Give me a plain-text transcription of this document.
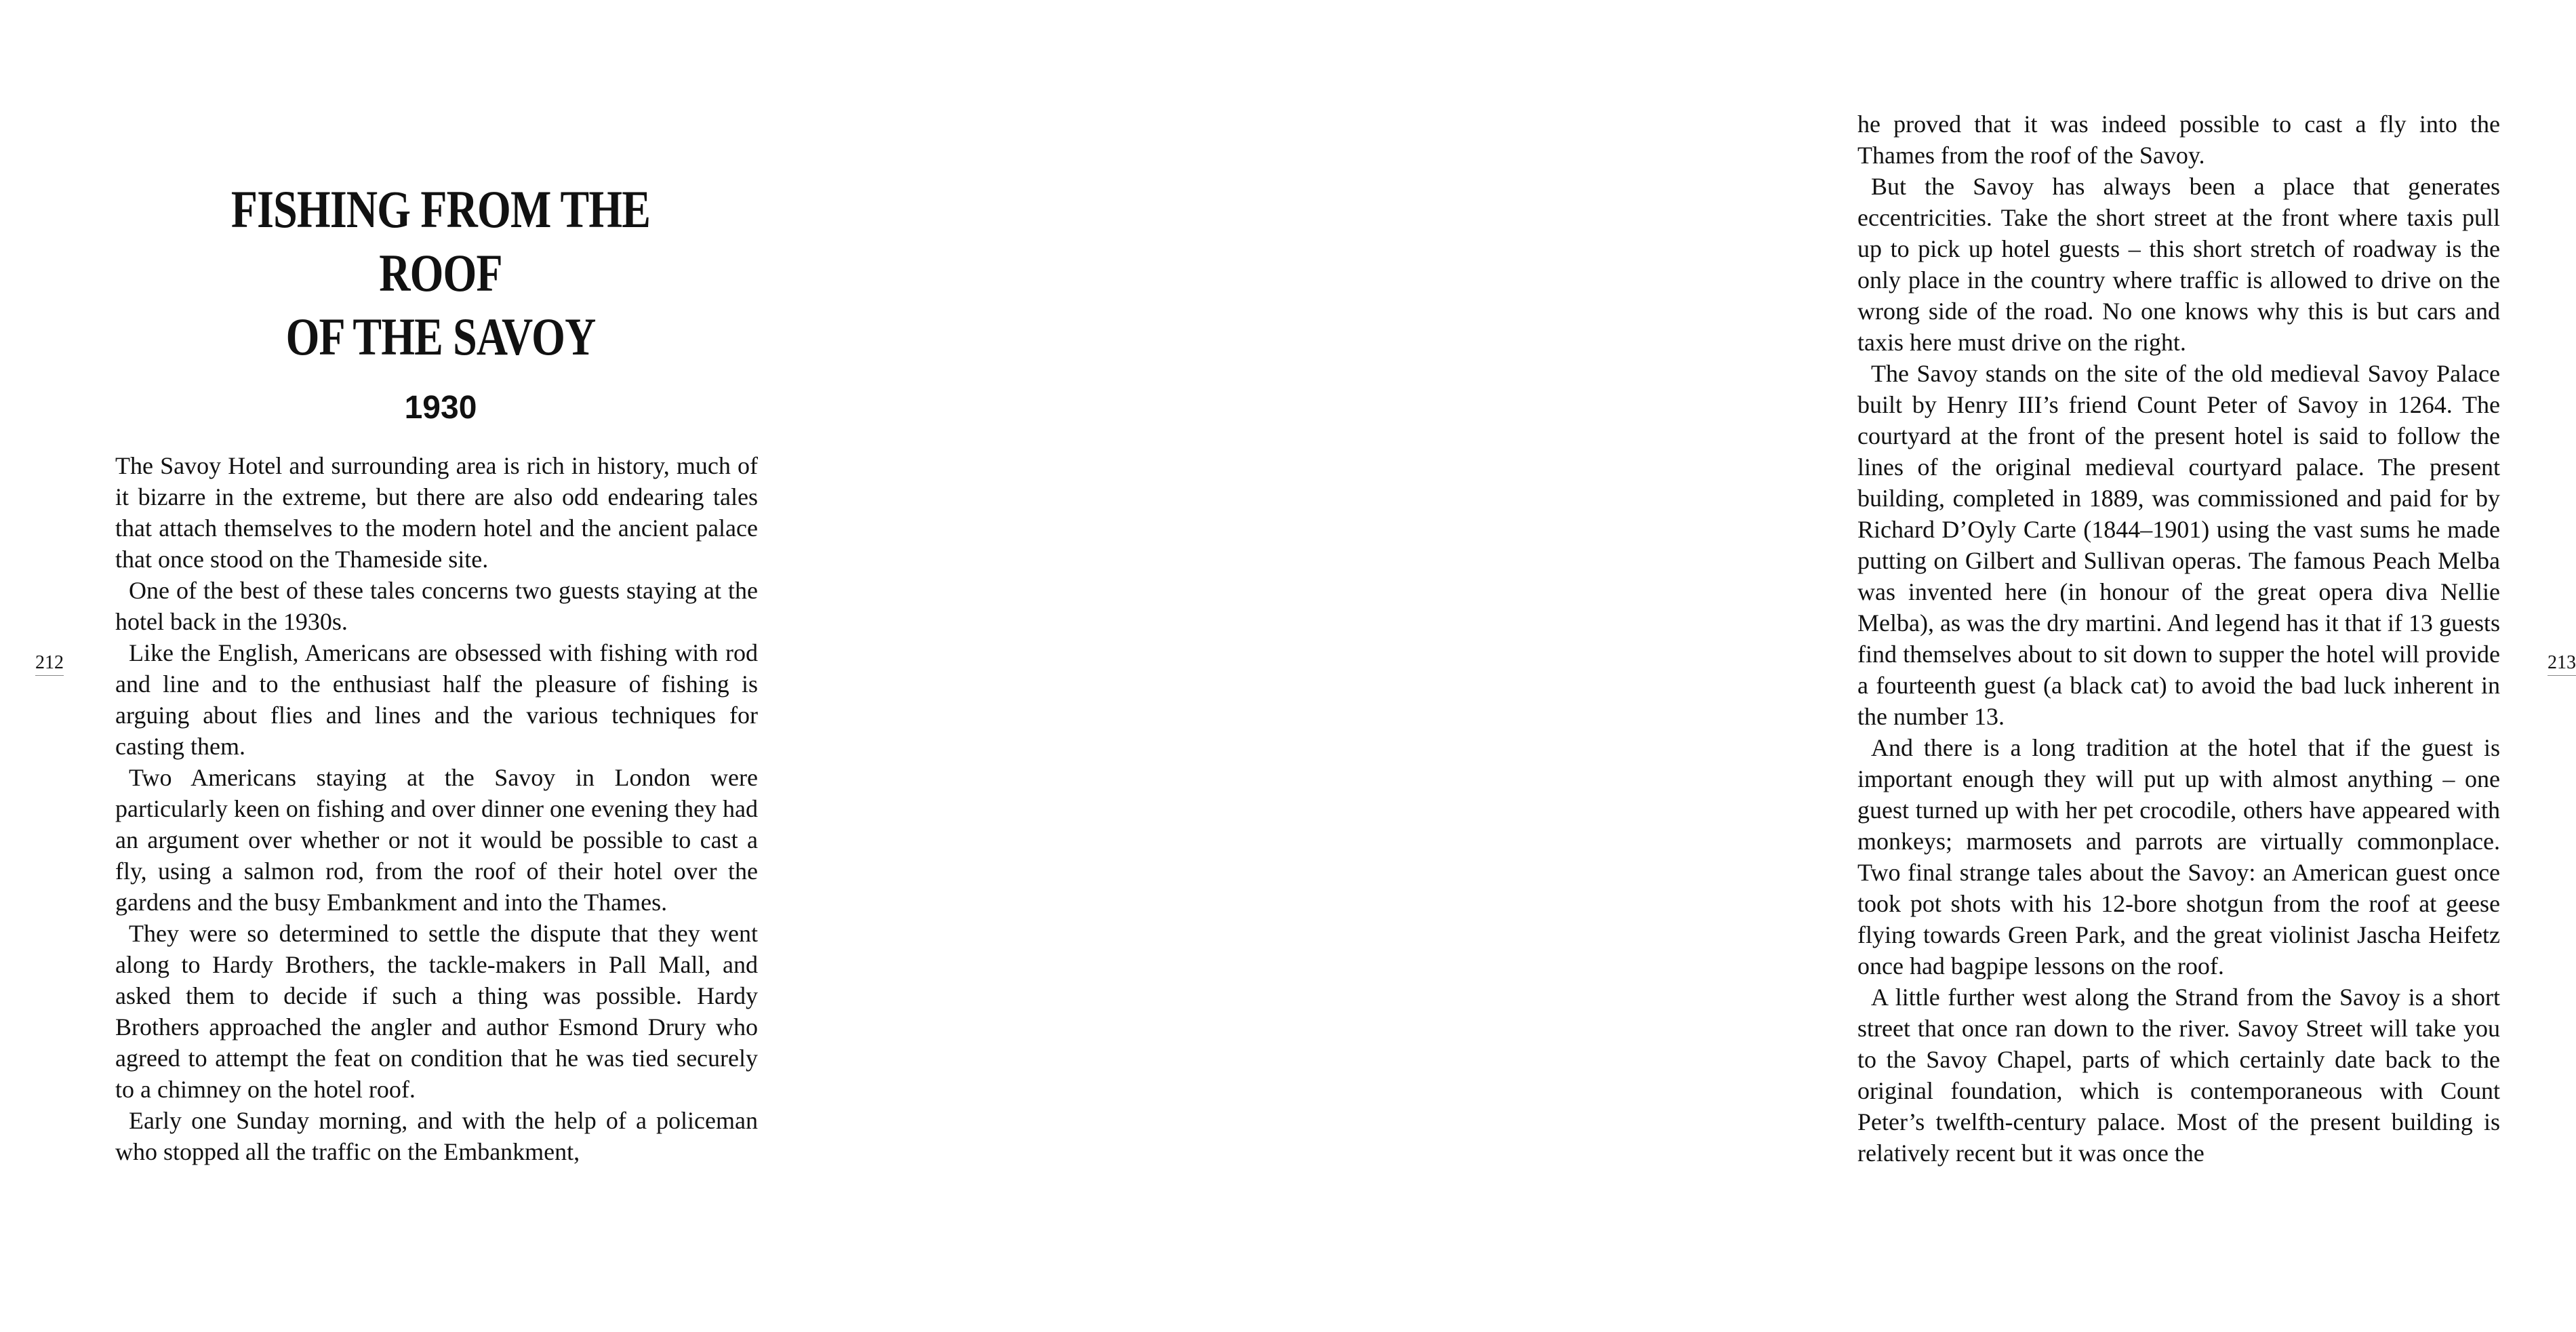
FISHING FROM THE ROOF
OF THE SAVOY
1930

The Savoy Hotel and surrounding area is rich in history, much of it bizarre in the extreme, but there are also odd endearing tales that attach themselves to the modern hotel and the ancient palace that once stood on the Thameside site.

One of the best of these tales concerns two guests staying at the hotel back in the 1930s.

Like the English, Americans are obsessed with fishing with rod and line and to the enthusiast half the pleasure of fishing is arguing about flies and lines and the various techniques for casting them.

Two Americans staying at the Savoy in London were particularly keen on fishing and over dinner one evening they had an argument over whether or not it would be possible to cast a fly, using a salmon rod, from the roof of their hotel over the gardens and the busy Embankment and into the Thames.

They were so determined to settle the dispute that they went along to Hardy Brothers, the tackle-makers in Pall Mall, and asked them to decide if such a thing was possible. Hardy Brothers approached the angler and author Esmond Drury who agreed to attempt the feat on condition that he was tied securely to a chimney on the hotel roof.

Early one Sunday morning, and with the help of a policeman who stopped all the traffic on the Embankment,

212

he proved that it was indeed possible to cast a fly into the Thames from the roof of the Savoy.

But the Savoy has always been a place that generates eccentricities. Take the short street at the front where taxis pull up to pick up hotel guests – this short stretch of roadway is the only place in the country where traffic is allowed to drive on the wrong side of the road. No one knows why this is but cars and taxis here must drive on the right.

The Savoy stands on the site of the old medieval Savoy Palace built by Henry III’s friend Count Peter of Savoy in 1264. The courtyard at the front of the present hotel is said to follow the lines of the original medieval courtyard palace. The present building, completed in 1889, was commissioned and paid for by Richard D’Oyly Carte (1844–1901) using the vast sums he made putting on Gilbert and Sullivan operas. The famous Peach Melba was invented here (in honour of the great opera diva Nellie Melba), as was the dry martini. And legend has it that if 13 guests find themselves about to sit down to supper the hotel will provide a fourteenth guest (a black cat) to avoid the bad luck inherent in the number 13.

And there is a long tradition at the hotel that if the guest is important enough they will put up with almost anything – one guest turned up with her pet crocodile, others have appeared with monkeys; marmosets and parrots are virtually commonplace. Two final strange tales about the Savoy: an American guest once took pot shots with his 12-bore shotgun from the roof at geese flying towards Green Park, and the great violinist Jascha Heifetz once had bagpipe lessons on the roof.

A little further west along the Strand from the Savoy is a short street that once ran down to the river. Savoy Street will take you to the Savoy Chapel, parts of which certainly date back to the original foundation, which is contemporaneous with Count Peter’s twelfth-century palace. Most of the present building is relatively recent but it was once the

213
